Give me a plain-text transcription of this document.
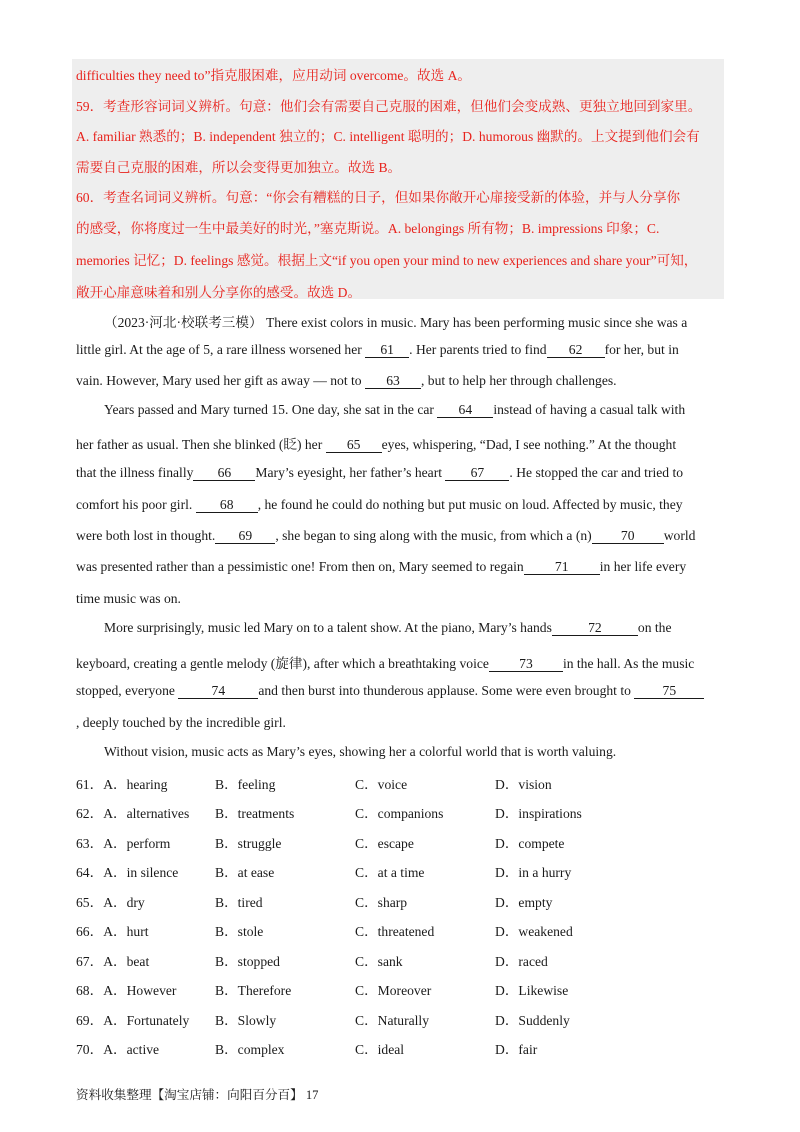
difficulties they need to”指克服困难，应用动词 overcome。故选 A。
59．考查形容词词义辨析。句意：他们会有需要自己克服的困难，但他们会变成熟、更独立地回到家里。
A. familiar 熟悉的；B. independent 独立的；C. intelligent 聪明的；D. humorous 幽默的。上文提到他们会有
需要自己克服的困难，所以会变得更加独立。故选 B。
60．考查名词词义辨析。句意：“你会有糟糕的日子，但如果你敞开心扉接受新的体验，并与人分享你
的感受，你将度过一生中最美好的时光，”塞克斯说。A. belongings 所有物；B. impressions 印象；C.
memories 记忆；D. feelings 感觉。根据上文“if you open your mind to new experiences and share your”可知，
敞开心扉意味着和别人分享你的感受。故选 D。
（2023·河北·校联考三模） There exist colors in music. Mary has been performing music since she was a
little girl. At the age of 5, a rare illness worsened her 61 . Her parents tried to find 62 for her, but in
vain. However, Mary used her gift as away — not to 63 , but to help her through challenges.
Years passed and Mary turned 15. One day, she sat in the car 64 instead of having a casual talk with
her father as usual. Then she blinked (眨) her 65 eyes, whispering, “Dad, I see nothing.” At the thought
that the illness finally 66 Mary’s eyesight, her father’s heart 67 . He stopped the car and tried to
comfort his poor girl. 68 , he found he could do nothing but put music on loud. Affected by music, they
were both lost in thought. 69 , she began to sing along with the music, from which a (n) 70 world
was presented rather than a pessimistic one! From then on, Mary seemed to regain 71 in her life every
time music was on.
More surprisingly, music led Mary on to a talent show. At the piano, Mary’s hands	72	on the
keyboard, creating a gentle melody (旋律), after which a breathtaking voice 73 in the hall. As the music
stopped, everyone 74 and then burst into thunderous applause. Some were even brought to 75
, deeply touched by the incredible girl.
Without vision, music acts as Mary’s eyes, showing her a colorful world that is worth valuing.
61．A．hearing	B．feeling	C．voice	D．vision
62．A．alternatives B．treatments	C．companions	D．inspirations
63．A．perform	B．struggle	C．escape	D．compete
64．A．in silence	B．at ease	C．at a time	D．in a hurry
65．A．dry	B．tired	C．sharp	D．empty
66．A．hurt	B．stole	C．threatened	D．weakened
67．A．beat	B．stopped	C．sank	D．raced
68．A．However	B．Therefore	C．Moreover	D．Likewise
69．A．Fortunately B．Slowly	C．Naturally	D．Suddenly
70．A．active	B．complex	C．ideal	D．fair
资料收集整理【淘宝店铺：向阳百分百】 17
